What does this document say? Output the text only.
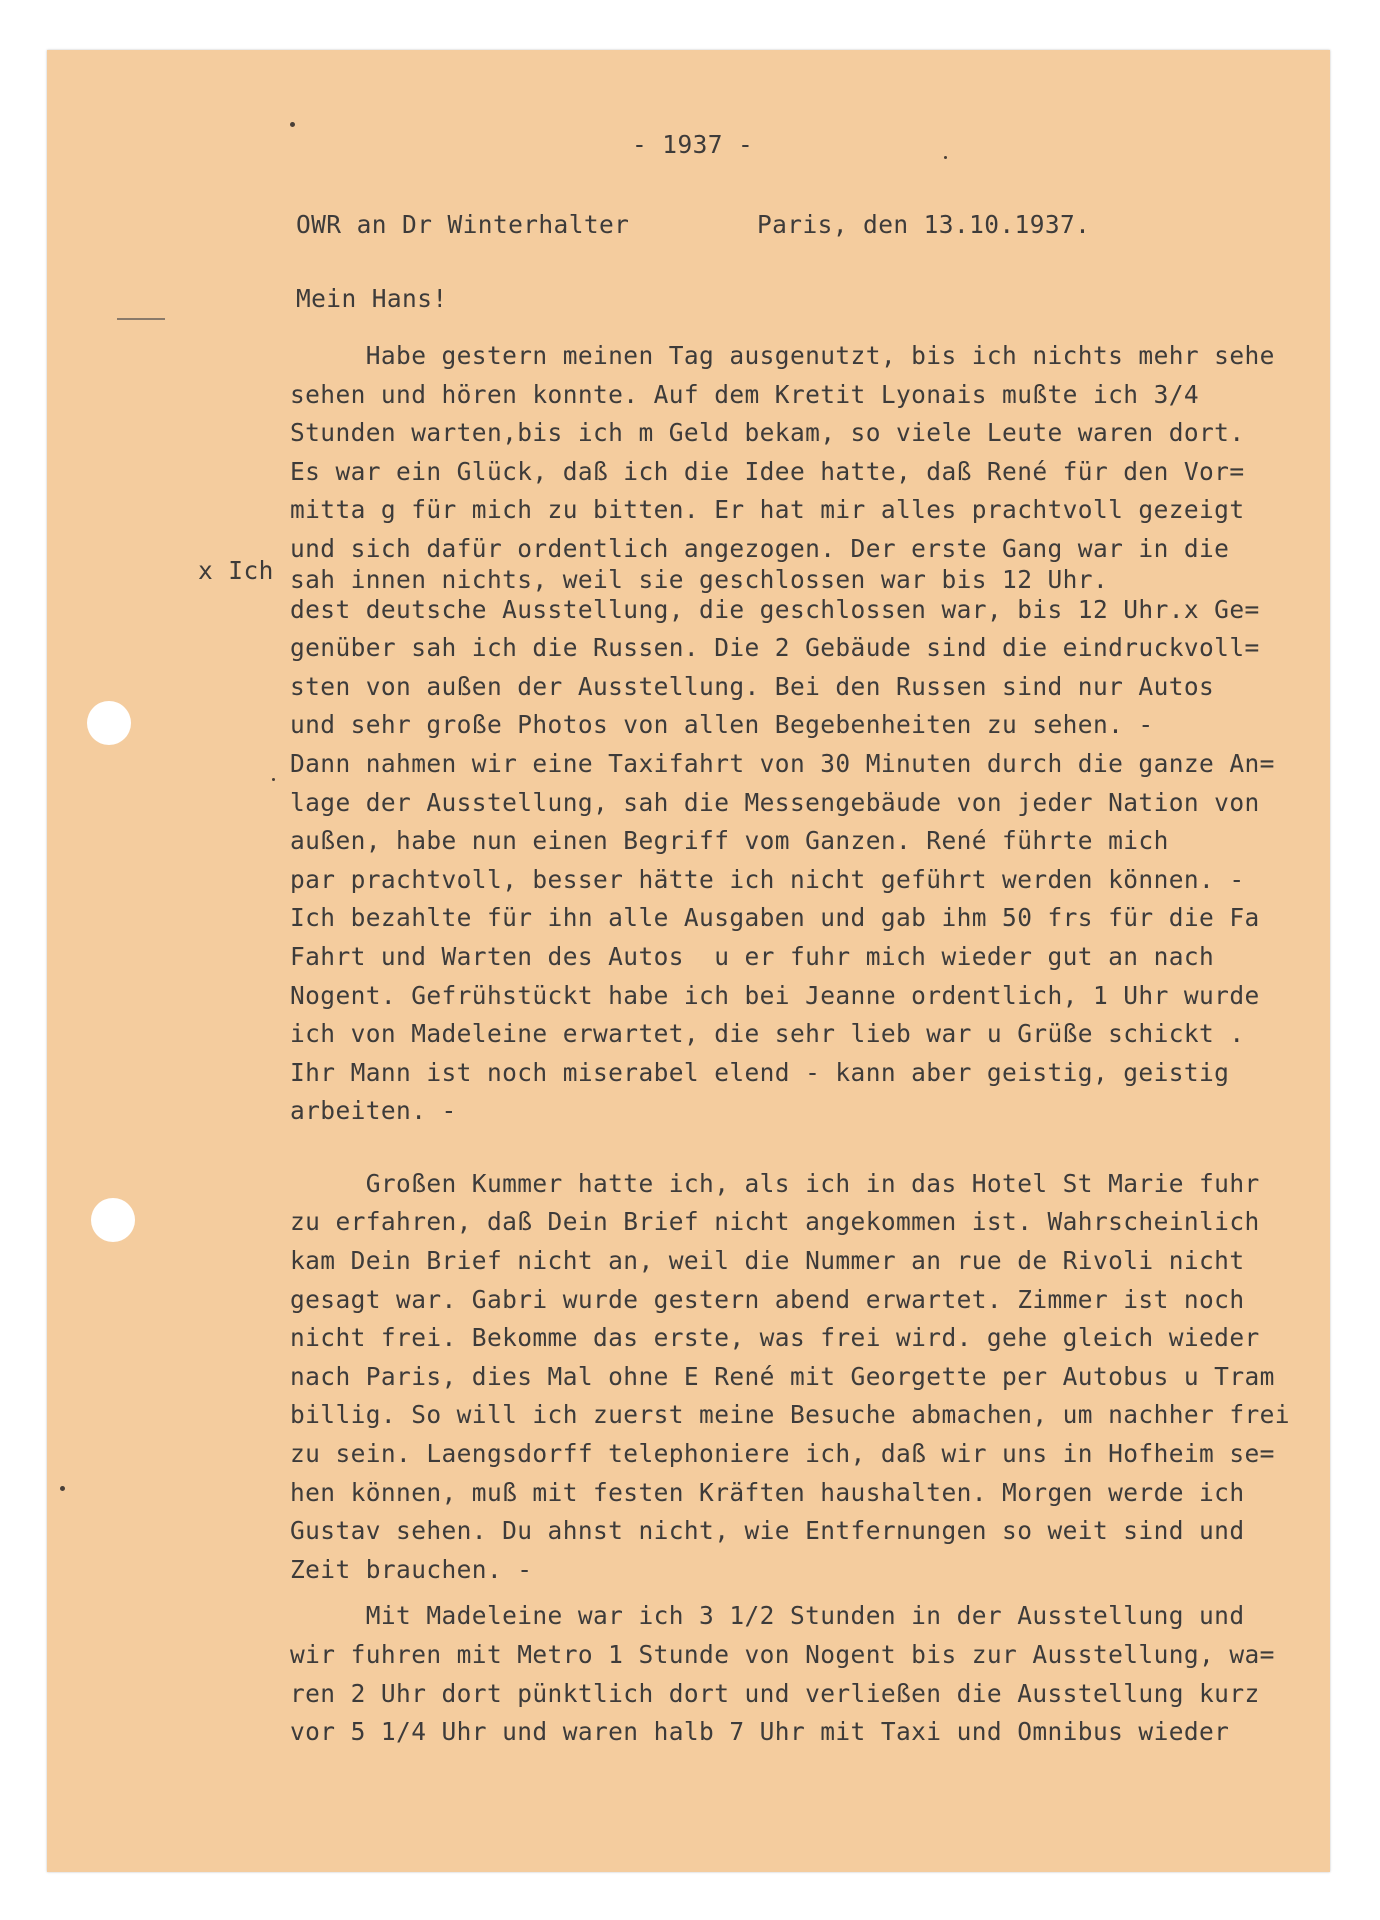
- 1937 -
OWR an Dr Winterhalter	Paris, den 13.10.1937.
Mein Hans!
x Ich
Habe gestern meinen Tag ausgenutzt, bis ich nichts mehr sehe
sehen und hören konnte. Auf dem Kretit Lyonais mußte ich 3/4
Stunden warten,bis ich m Geld bekam, so viele Leute waren dort.
Es war ein Glück, daß ich die Idee hatte, daß René für den Vor=
mitta g für mich zu bitten. Er hat mir alles prachtvoll gezeigt
und sich dafür ordentlich angezogen. Der erste Gang war in die
sah innen nichts, weil sie geschlossen war bis 12 Uhr.
dest deutsche Ausstellung, die geschlossen war, bis 12 Uhr.x Ge=
genüber sah ich die Russen. Die 2 Gebäude sind die eindruckvoll=
sten von außen der Ausstellung. Bei den Russen sind nur Autos
und sehr große Photos von allen Begebenheiten zu sehen. -
Dann nahmen wir eine Taxifahrt von 30 Minuten durch die ganze An=
lage der Ausstellung, sah die Messengebäude von jeder Nation von
außen, habe nun einen Begriff vom Ganzen. René führte mich
par prachtvoll, besser hätte ich nicht geführt werden können. -
Ich bezahlte für ihn alle Ausgaben und gab ihm 50 frs für die Fa
Fahrt und Warten des Autos  u er fuhr mich wieder gut an nach
Nogent. Gefrühstückt habe ich bei Jeanne ordentlich, 1 Uhr wurde
ich von Madeleine erwartet, die sehr lieb war u Grüße schickt .
Ihr Mann ist noch miserabel elend - kann aber geistig, geistig
arbeiten. -
Großen Kummer hatte ich, als ich in das Hotel St Marie fuhr
zu erfahren, daß Dein Brief nicht angekommen ist. Wahrscheinlich
kam Dein Brief nicht an, weil die Nummer an rue de Rivoli nicht
gesagt war. Gabri wurde gestern abend erwartet. Zimmer ist noch
nicht frei. Bekomme das erste, was frei wird. gehe gleich wieder
nach Paris, dies Mal ohne E René mit Georgette per Autobus u Tram
billig. So will ich zuerst meine Besuche abmachen, um nachher frei
zu sein. Laengsdorff telephoniere ich, daß wir uns in Hofheim se=
hen können, muß mit festen Kräften haushalten. Morgen werde ich
Gustav sehen. Du ahnst nicht, wie Entfernungen so weit sind und
Zeit brauchen. -
Mit Madeleine war ich 3 1/2 Stunden in der Ausstellung und
wir fuhren mit Metro 1 Stunde von Nogent bis zur Ausstellung, wa=
ren 2 Uhr dort pünktlich dort und verließen die Ausstellung kurz
vor 5 1/4 Uhr und waren halb 7 Uhr mit Taxi und Omnibus wieder
